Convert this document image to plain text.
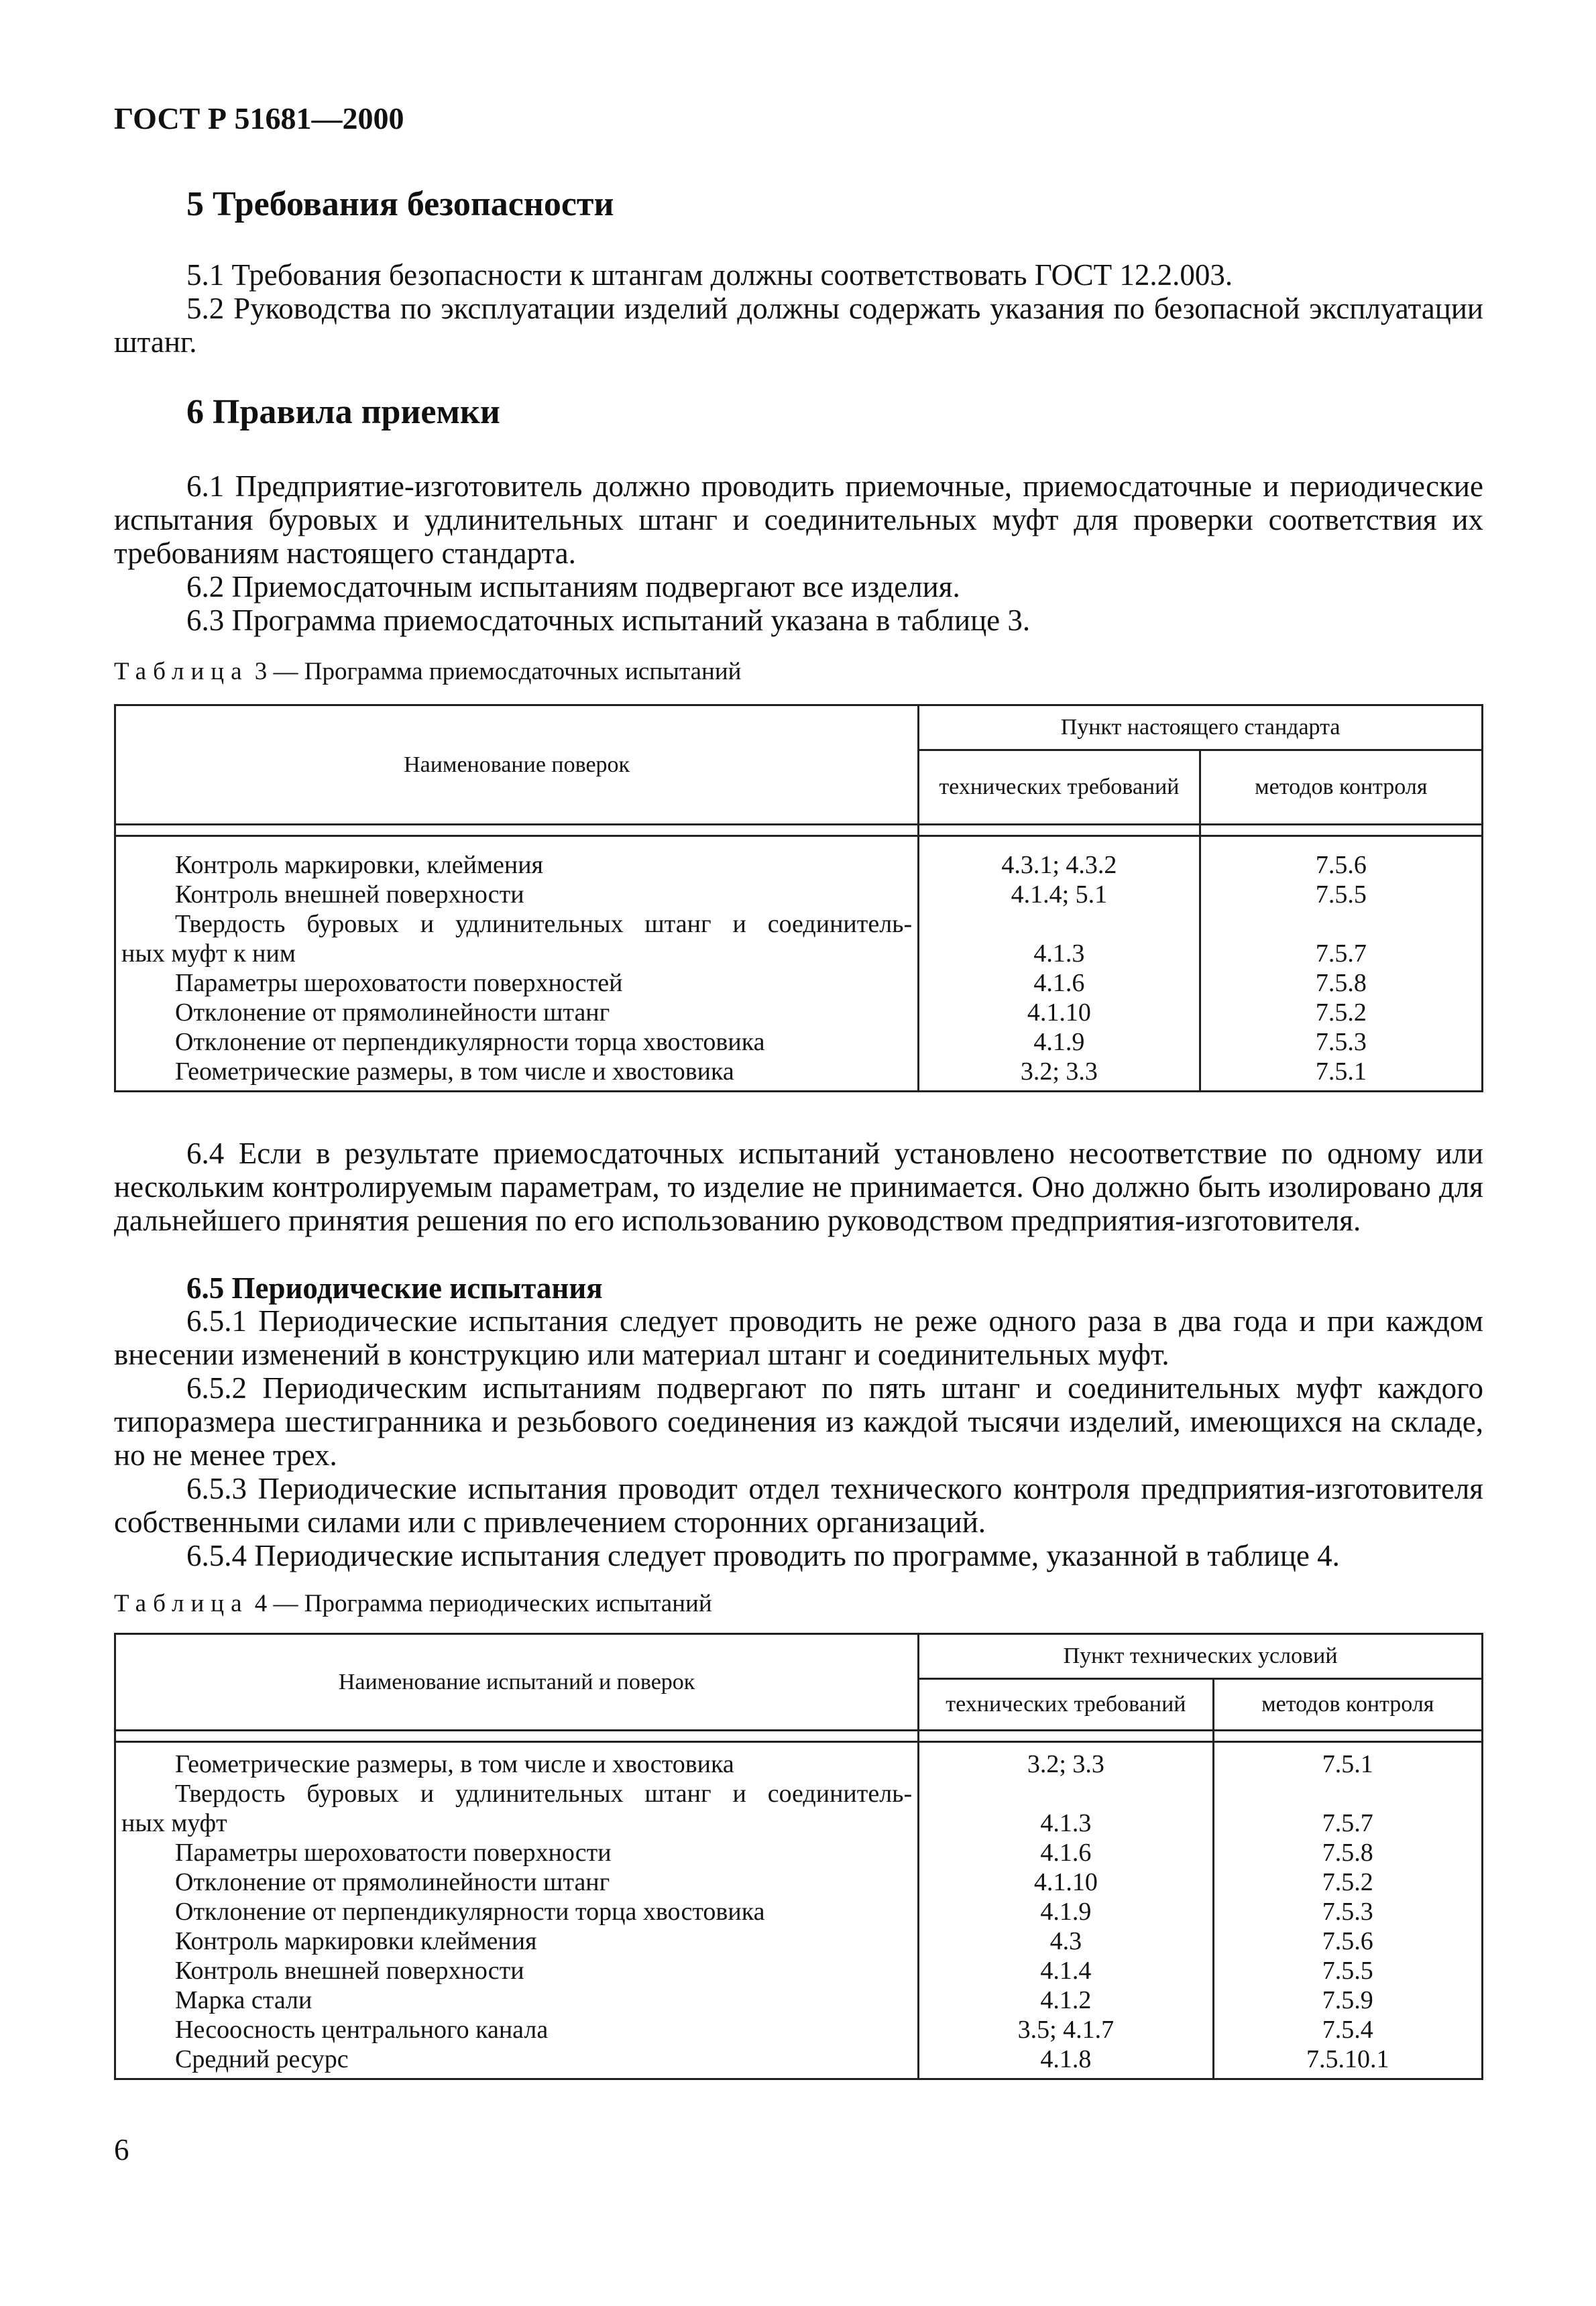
ГОСТ Р 51681—2000
5 Требования безопасности
5.1 Требования безопасности к штангам должны соответствовать ГОСТ 12.2.003.
5.2 Руководства по эксплуатации изделий должны содержать указания по безопасной эксплуатации штанг.
6 Правила приемки
6.1 Предприятие-изготовитель должно проводить приемочные, приемосдаточные и периодические испытания буровых и удлинительных штанг и соединительных муфт для проверки соответствия их требованиям настоящего стандарта.
6.2 Приемосдаточным испытаниям подвергают все изделия.
6.3 Программа приемосдаточных испытаний указана в таблице 3.
Таблица 3 — Программа приемосдаточных испытаний
Наименование поверок	Пункт настоящего стандарта	
	технических требований	методов контроля

Контроль маркировки, клеймения	4.3.1; 4.3.2	7.5.6

Контроль внешней поверхности	4.1.4; 5.1	7.5.5

Твердость буровых и удлинительных штанг и соединитель-
ных муфт к ним	4.1.3	7.5.7

Параметры шероховатости поверхностей	4.1.6	7.5.8

Отклонение от прямолинейности штанг	4.1.10	7.5.2

Отклонение от перпендикулярности торца хвостовика	4.1.9	7.5.3

Геометрические размеры, в том числе и хвостовика	3.2; 3.3	7.5.1
6.4 Если в результате приемосдаточных испытаний установлено несоответствие по одному или нескольким контролируемым параметрам, то изделие не принимается. Оно должно быть изолировано для дальнейшего принятия решения по его использованию руководством предприятия-изготовителя.
6.5 Периодические испытания
6.5.1 Периодические испытания следует проводить не реже одного раза в два года и при каждом внесении изменений в конструкцию или материал штанг и соединительных муфт.
6.5.2 Периодическим испытаниям подвергают по пять штанг и соединительных муфт каждого типоразмера шестигранника и резьбового соединения из каждой тысячи изделий, имеющихся на складе, но не менее трех.
6.5.3 Периодические испытания проводит отдел технического контроля предприятия-изготовителя собственными силами или с привлечением сторонних организаций.
6.5.4 Периодические испытания следует проводить по программе, указанной в таблице 4.
Таблица 4 — Программа периодических испытаний
Наименование испытаний и поверок	Пункт технических условий	
	технических требований	методов контроля

Геометрические размеры, в том числе и хвостовика	3.2; 3.3	7.5.1

Твердость буровых и удлинительных штанг и соединитель-
ных муфт	4.1.3	7.5.7

Параметры шероховатости поверхности	4.1.6	7.5.8

Отклонение от прямолинейности штанг	4.1.10	7.5.2

Отклонение от перпендикулярности торца хвостовика	4.1.9	7.5.3

Контроль маркировки клеймения	4.3	7.5.6

Контроль внешней поверхности	4.1.4	7.5.5

Марка стали	4.1.2	7.5.9

Несоосность центрального канала	3.5; 4.1.7	7.5.4

Средний ресурс	4.1.8	7.5.10.1
6
